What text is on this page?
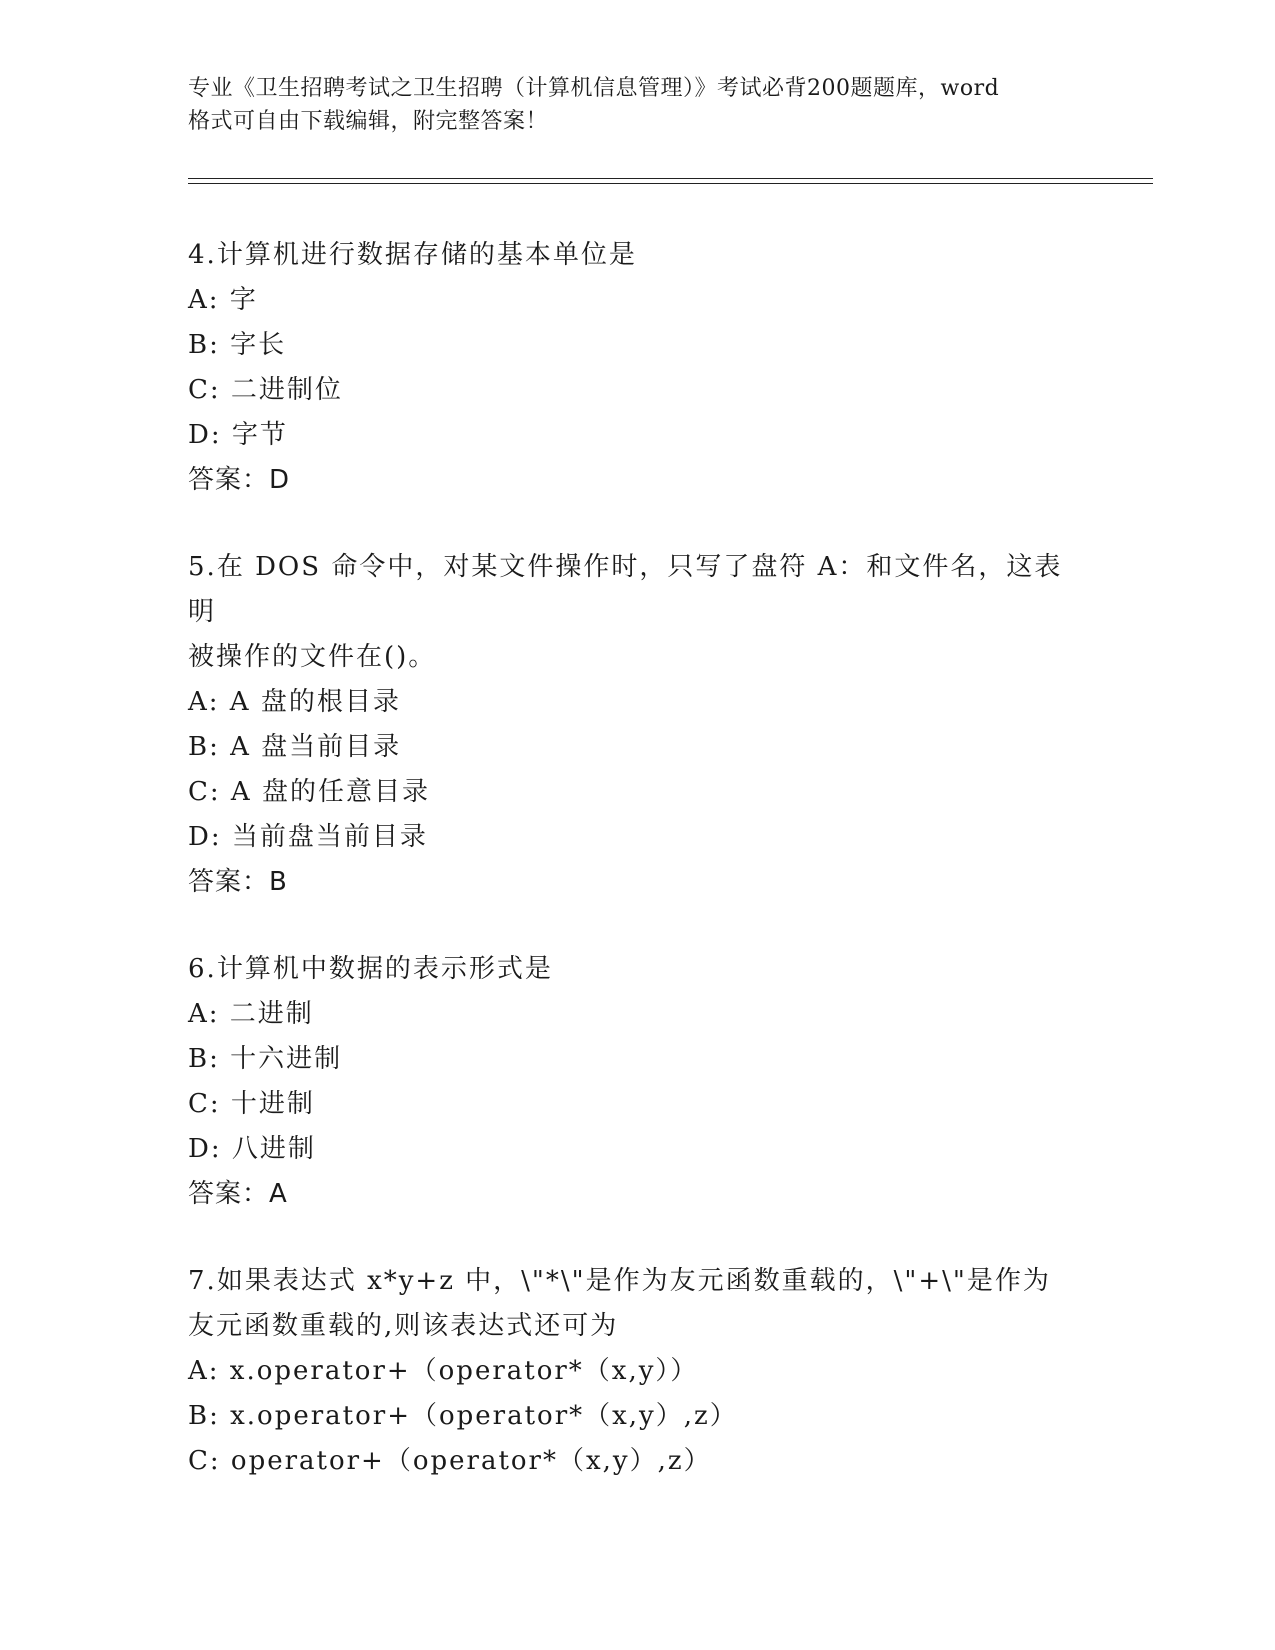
专业《卫生招聘考试之卫生招聘（计算机信息管理）》考试必背200题题库，word
格式可自由下载编辑，附完整答案！

4.计算机进行数据存储的基本单位是

A: 字

B: 字长

C: 二进制位

D: 字节

答案：D

5.在 DOS 命令中，对某文件操作时，只写了盘符 A：和文件名，这表明

被操作的文件在()。

A: A 盘的根目录

B: A 盘当前目录

C: A 盘的任意目录

D: 当前盘当前目录

答案：B

6.计算机中数据的表示形式是

A: 二进制

B: 十六进制

C: 十进制

D: 八进制

答案：A

7.如果表达式 x*y+z 中，\"*\"是作为友元函数重载的，\"+\"是作为

友元函数重载的,则该表达式还可为

A: x.operator+（operator*（x,y））

B: x.operator+（operator*（x,y）,z）

C: operator+（operator*（x,y）,z）
